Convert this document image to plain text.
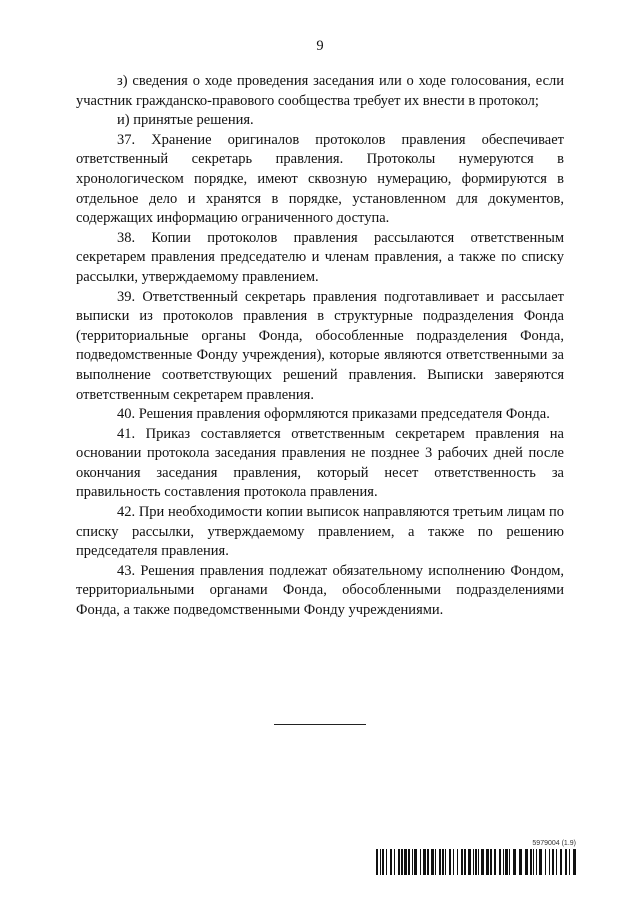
9

з) сведения о ходе проведения заседания или о ходе голосования, если участник гражданско-правового сообщества требует их внести в протокол;

и) принятые решения.

37. Хранение оригиналов протоколов правления обеспечивает ответственный секретарь правления. Протоколы нумеруются в хронологическом порядке, имеют сквозную нумерацию, формируются в отдельное дело и хранятся в порядке, установленном для документов, содержащих информацию ограниченного доступа.

38. Копии протоколов правления рассылаются ответственным секретарем правления председателю и членам правления, а также по списку рассылки, утверждаемому правлением.

39. Ответственный секретарь правления подготавливает и рассылает выписки из протоколов правления в структурные подразделения Фонда (территориальные органы Фонда, обособленные подразделения Фонда, подведомственные Фонду учреждения), которые являются ответственными за выполнение соответствующих решений правления. Выписки заверяются ответственным секретарем правления.

40. Решения правления оформляются приказами председателя Фонда.

41. Приказ составляется ответственным секретарем правления на основании протокола заседания правления не позднее 3 рабочих дней после окончания заседания правления, который несет ответственность за правильность составления протокола правления.

42. При необходимости копии выписок направляются третьим лицам по списку рассылки, утверждаемому правлением, а также по решению председателя правления.

43. Решения правления подлежат обязательному исполнению Фондом, территориальными органами Фонда, обособленными подразделениями Фонда, а также подведомственными Фонду учреждениями.

5979004 (1.9)
